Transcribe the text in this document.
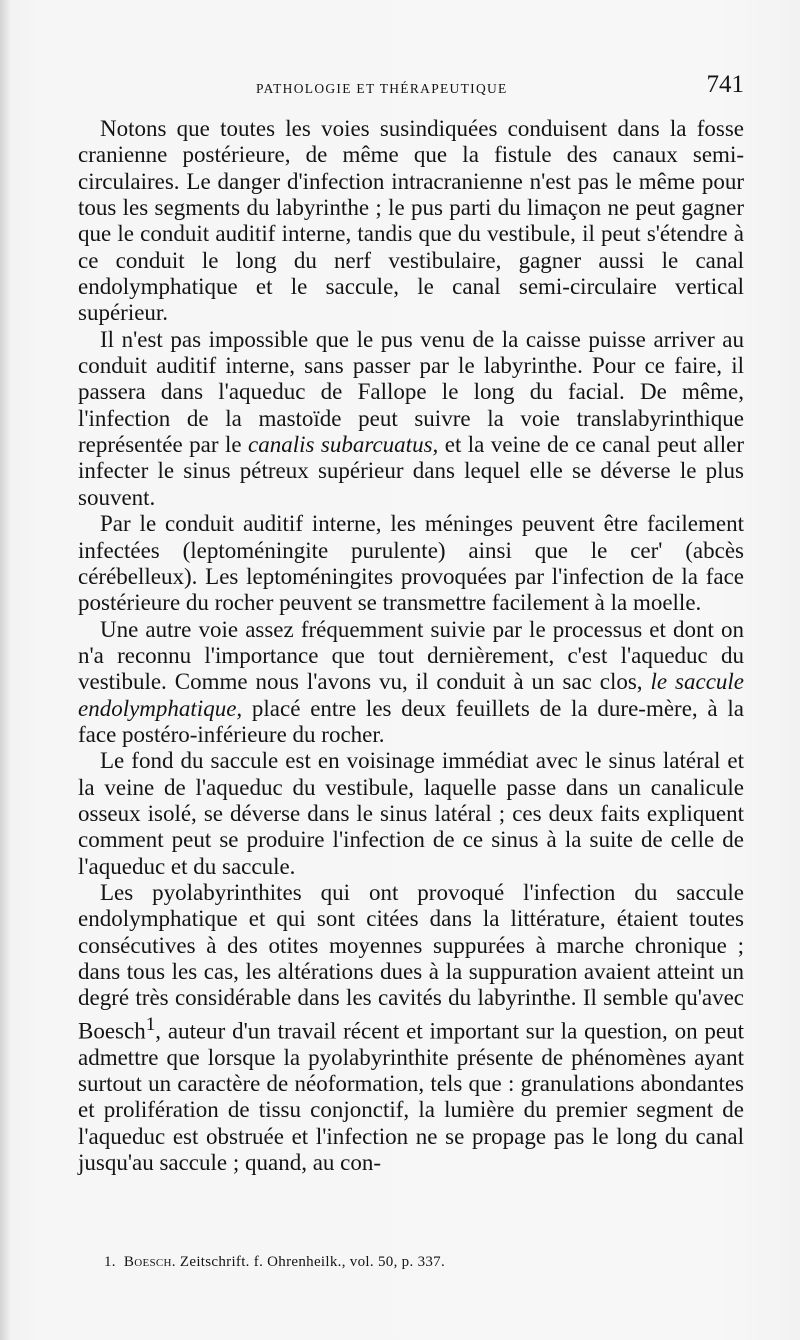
PATHOLOGIE ET THÉRAPEUTIQUE	741

Notons que toutes les voies susindiquées conduisent dans la fosse cranienne postérieure, de même que la fistule des canaux semi-circulaires. Le danger d'infection intracranienne n'est pas le même pour tous les segments du labyrinthe ; le pus parti du limaçon ne peut gagner que le conduit auditif interne, tandis que du vestibule, il peut s'étendre à ce conduit le long du nerf vestibulaire, gagner aussi le canal endolymphatique et le saccule, le canal semi-circulaire vertical supérieur.

Il n'est pas impossible que le pus venu de la caisse puisse arriver au conduit auditif interne, sans passer par le labyrinthe. Pour ce faire, il passera dans l'aqueduc de Fallope le long du facial. De même, l'infection de la mastoïde peut suivre la voie translabyrinthique représentée par le canalis subarcuatus, et la veine de ce canal peut aller infecter le sinus pétreux supérieur dans lequel elle se déverse le plus souvent.

Par le conduit auditif interne, les méninges peuvent être facilement infectées (leptoméningite purulente) ainsi que le cer' (abcès cérébelleux). Les leptoméningites provoquées par l'infection de la face postérieure du rocher peuvent se transmettre facilement à la moelle.

Une autre voie assez fréquemment suivie par le processus et dont on n'a reconnu l'importance que tout dernièrement, c'est l'aqueduc du vestibule. Comme nous l'avons vu, il conduit à un sac clos, le saccule endolymphatique, placé entre les deux feuillets de la dure-mère, à la face postéro-inférieure du rocher.

Le fond du saccule est en voisinage immédiat avec le sinus latéral et la veine de l'aqueduc du vestibule, laquelle passe dans un canalicule osseux isolé, se déverse dans le sinus latéral ; ces deux faits expliquent comment peut se produire l'infection de ce sinus à la suite de celle de l'aqueduc et du saccule.

Les pyolabyrinthites qui ont provoqué l'infection du saccule endolymphatique et qui sont citées dans la littérature, étaient toutes consécutives à des otites moyennes suppurées à marche chronique ; dans tous les cas, les altérations dues à la suppuration avaient atteint un degré très considérable dans les cavités du labyrinthe. Il semble qu'avec Boesch$^1$, auteur d'un travail récent et important sur la question, on peut admettre que lorsque la pyolabyrinthite présente de phénomènes ayant surtout un caractère de néoformation, tels que : granulations abondantes et prolifération de tissu conjonctif, la lumière du premier segment de l'aqueduc est obstruée et l'infection ne se propage pas le long du canal jusqu'au saccule ; quand, au con-

1. Boesch. Zeitschrift. f. Ohrenheilk., vol. 50, p. 337.
